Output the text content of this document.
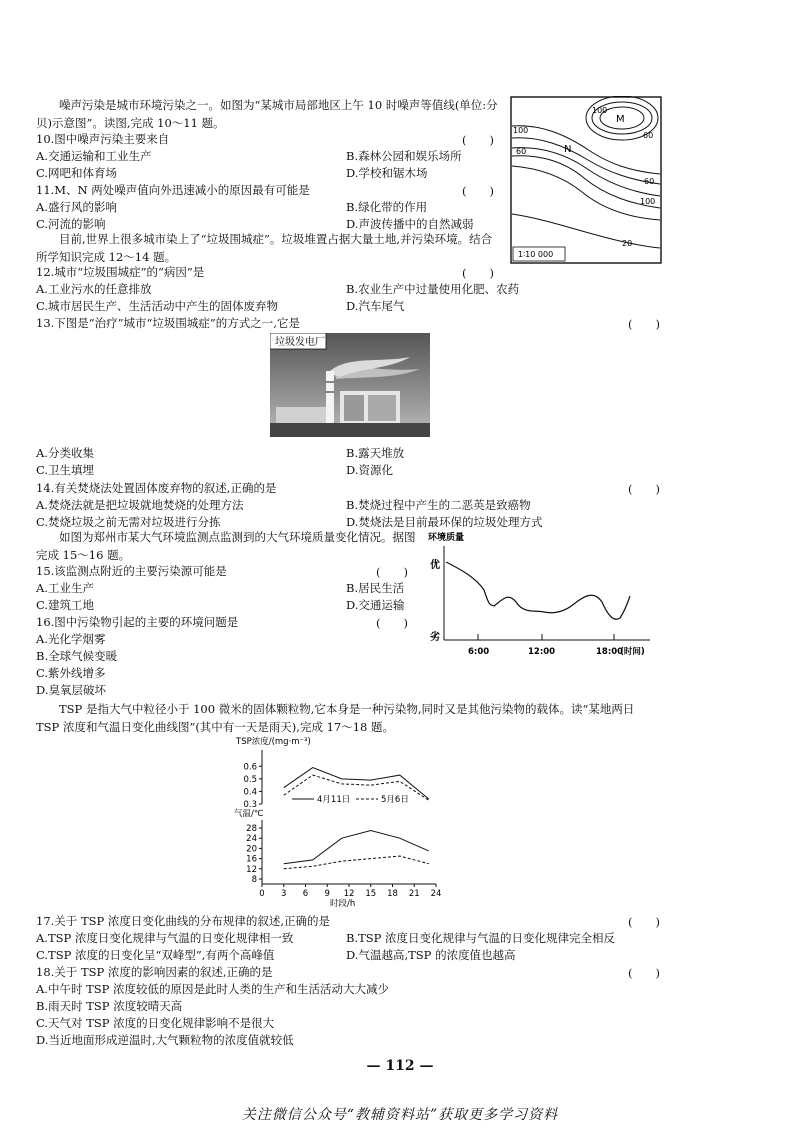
噪声污染是城市环境污染之一。如图为“某城市局部地区上午 10 时噪声等值线(单位:分贝)示意图”。读图,完成 10～11 题。
10.图中噪声污染主要来自	(　　)
A.交通运输和工业生产	B.森林公园和娱乐场所
C.网吧和体育场	D.学校和锯木场
11.M、N 两处噪声值向外迅速减小的原因最有可能是	(　　)
A.盛行风的影响	B.绿化带的作用
C.河流的影响	D.声波传播中的自然减弱
目前,世界上很多城市染上了“垃圾围城症”。垃圾堆置占据大量土地,并污染环境。结合所学知识完成 12～14 题。
M
100
60
100
60	N
60
100
20
1∶10 000
12.城市“垃圾围城症”的“病因”是	(　　)
A.工业污水的任意排放	B.农业生产中过量使用化肥、农药
C.城市居民生产、生活活动中产生的固体废弃物	D.汽车尾气
13.下图是“治疗”城市“垃圾围城症”的方式之一,它是	(　　)
垃圾发电厂
A.分类收集	B.露天堆放
C.卫生填埋	D.资源化
14.有关焚烧法处置固体废弃物的叙述,正确的是	(　　)
A.焚烧法就是把垃圾就地焚烧的处理方法	B.焚烧过程中产生的二恶英是致癌物
C.焚烧垃圾之前无需对垃圾进行分拣	D.焚烧法是目前最环保的垃圾处理方式
如图为郑州市某大气环境监测点监测到的大气环境质量变化情况。据图完成 15～16 题。
15.该监测点附近的主要污染源可能是	(　　)
A.工业生产	B.居民生活
C.建筑工地	D.交通运输
16.图中污染物引起的主要的环境问题是	(　　)
A.光化学烟雾
B.全球气候变暖
C.紫外线增多
D.臭氧层破坏
环境质量
优
劣
6:00	12:00	18:00
(时间)
TSP 是指大气中粒径小于 100 微米的固体颗粒物,它本身是一种污染物,同时又是其他污染物的载体。读“某地两日 TSP 浓度和气温日变化曲线图”(其中有一天是雨天),完成 17～18 题。
TSP浓度/(mg·m⁻³)
气温/℃
4月11日	5月6日
时段/h
0.6
0.5
0.4
0.3
28
24
20
16
12
8
0 3 6 9 12 15 18 21 24
17.关于 TSP 浓度日变化曲线的分布规律的叙述,正确的是	(　　)
A.TSP 浓度日变化规律与气温的日变化规律相一致	B.TSP 浓度日变化规律与气温的日变化规律完全相反
C.TSP 浓度的日变化呈“双峰型”,有两个高峰值	D.气温越高,TSP 的浓度值也越高
18.关于 TSP 浓度的影响因素的叙述,正确的是	(　　)
A.中午时 TSP 浓度较低的原因是此时人类的生产和生活活动大大减少
B.雨天时 TSP 浓度较晴天高
C.天气对 TSP 浓度的日变化规律影响不是很大
D.当近地面形成逆温时,大气颗粒物的浓度值就较低
— 112 —
关注微信公众号“教辅资料站”获取更多学习资料
